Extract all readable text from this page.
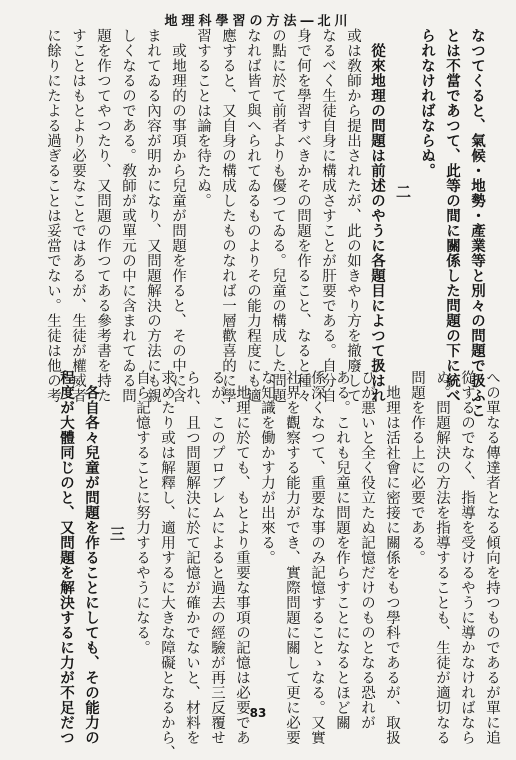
地理科學習の方法―北川
なつてくると、氣候・地勢・產業等と別々の問題で扱ふこ
とは不當であつて、此等の間に關係した問題の下に統べ
られなければならぬ。
二
　從來地理の問題は前述のやうに各題目によつて扱はれ
或は敎師から提出されたが、此の如きやり方を撤廢して
なるべく生徒自身に構成さすことが肝要である。自分自
身で何を學習すべきかその問題を作ること、なると種々
の點に於て前者よりも優つてゐる。兒童の構成した問題
なれば皆て與へられてゐるものよりその能力程度にも適
應すると、又自身の構成したものなれば一層歡喜的に學
習することは論を待たぬ。
　或地理的の事項から兒童が問題を作ると、その中に含
まれてゐる內容が明かになり、又問題解決の方法にも親
しくなるのである。敎師が或單元の中に含まれてゐる問
題を作つてやつたり、又問題の作つてある參考書を持た
すことはもとより必要なことではあるが、生徒が權威者
に餘りにたよる過ぎることは妥當でない。生徒は他の考
への單なる傳達者となる傾向を持つものであるが單に追
從するのでなく、指導を受けるやうに導かなければなら
ぬ。問題解決の方法を指導することも、生徒が適切なる
問題を作る上に必要である。
　地理は活社會に密接に關係をもつ學科であるが、取扱
ひが悪いと全く役立たぬ記憶だけのものとなる恐れが
ある。これも兒童に問題を作らすことになるとほど關
係深くなつて、重要な事のみ記憶することゝなる。又實
社界を觀察する能力ができ、實際問題に關して更に必要
な知識を働かす力が出來る。
　地理に於ても、もとより重要な事項の記憶は必要であ
るが、このプロブレムによると過去の經驗が再三反覆せ
られ、且つ問題解決に於て記憶が確かでないと、材料を
求めたり或は解釋し、適用するに大きな障礙となるから、
自ら記憶することに努力するやうになる。
三
　各自各々兒童が問題を作ることにしても、その能力の
程度が大體同じのと、又問題を解決するに力が不足だつ	83
